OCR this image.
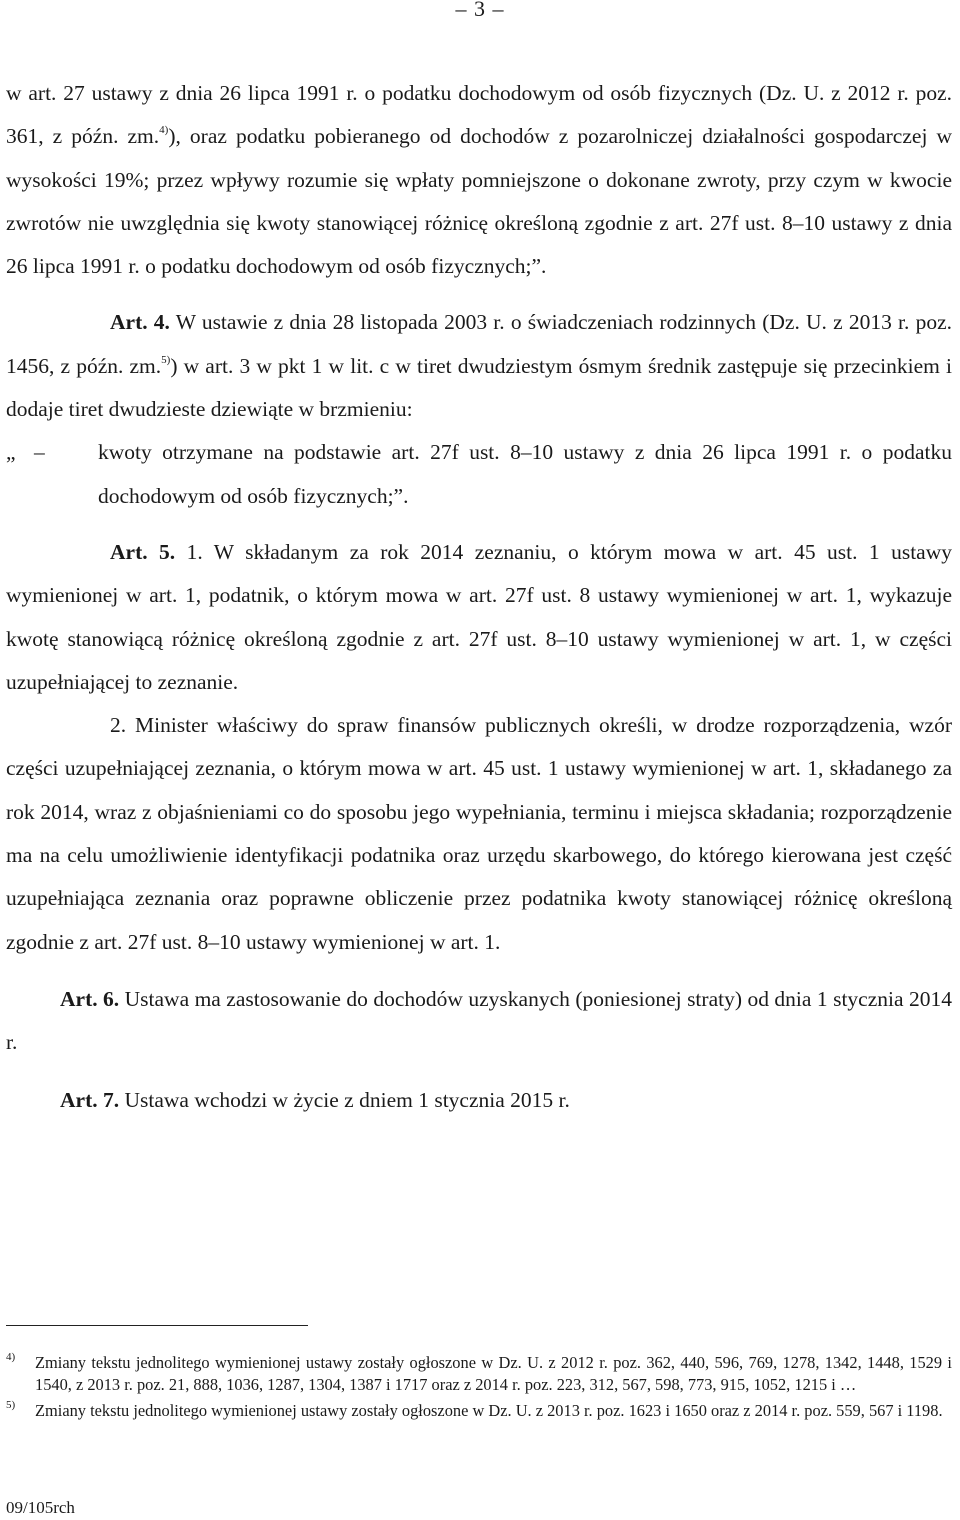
– 3 –

w art. 27 ustawy z dnia 26 lipca 1991 r. o podatku dochodowym od osób fizycznych (Dz. U. z 2012 r. poz. 361, z późn. zm.$^{4)}$), oraz podatku pobieranego od dochodów z pozarolniczej działalności gospodarczej w wysokości 19%; przez wpływy rozumie się wpłaty pomniejszone o dokonane zwroty, przy czym w kwocie zwrotów nie uwzględnia się kwoty stanowiącej różnicę określoną zgodnie z art. 27f ust. 8–10 ustawy z dnia 26 lipca 1991 r. o podatku dochodowym od osób fizycznych;”.

Art. 4. W ustawie z dnia 28 listopada 2003 r. o świadczeniach rodzinnych (Dz. U. z 2013 r. poz. 1456, z późn. zm.$^{5)}$) w art. 3 w pkt 1 w lit. c w tiret dwudziestym ósmym średnik zastępuje się przecinkiem i dodaje tiret dwudzieste dziewiąte w brzmieniu:

„ – kwoty otrzymane na podstawie art. 27f ust. 8–10 ustawy z dnia 26 lipca 1991 r. o podatku dochodowym od osób fizycznych;”.

Art. 5. 1. W składanym za rok 2014 zeznaniu, o którym mowa w art. 45 ust. 1 ustawy wymienionej w art. 1, podatnik, o którym mowa w art. 27f ust. 8 ustawy wymienionej w art. 1, wykazuje kwotę stanowiącą różnicę określoną zgodnie z art. 27f ust. 8–10 ustawy wymienionej w art. 1, w części uzupełniającej to zeznanie.

2. Minister właściwy do spraw finansów publicznych określi, w drodze rozporządzenia, wzór części uzupełniającej zeznania, o którym mowa w art. 45 ust. 1 ustawy wymienionej w art. 1, składanego za rok 2014, wraz z objaśnieniami co do sposobu jego wypełniania, terminu i miejsca składania; rozporządzenie ma na celu umożliwienie identyfikacji podatnika oraz urzędu skarbowego, do którego kierowana jest część uzupełniająca zeznania oraz poprawne obliczenie przez podatnika kwoty stanowiącej różnicę określoną zgodnie z art. 27f ust. 8–10 ustawy wymienionej w art. 1.

Art. 6. Ustawa ma zastosowanie do dochodów uzyskanych (poniesionej straty) od dnia 1 stycznia 2014 r.

Art. 7. Ustawa wchodzi w życie z dniem 1 stycznia 2015 r.

4) Zmiany tekstu jednolitego wymienionej ustawy zostały ogłoszone w Dz. U. z 2012 r. poz. 362, 440, 596, 769, 1278, 1342, 1448, 1529 i 1540, z 2013 r. poz. 21, 888, 1036, 1287, 1304, 1387 i 1717 oraz z 2014 r. poz. 223, 312, 567, 598, 773, 915, 1052, 1215 i …
5) Zmiany tekstu jednolitego wymienionej ustawy zostały ogłoszone w Dz. U. z 2013 r. poz. 1623 i 1650 oraz z 2014 r. poz. 559, 567 i 1198.
09/105rch
